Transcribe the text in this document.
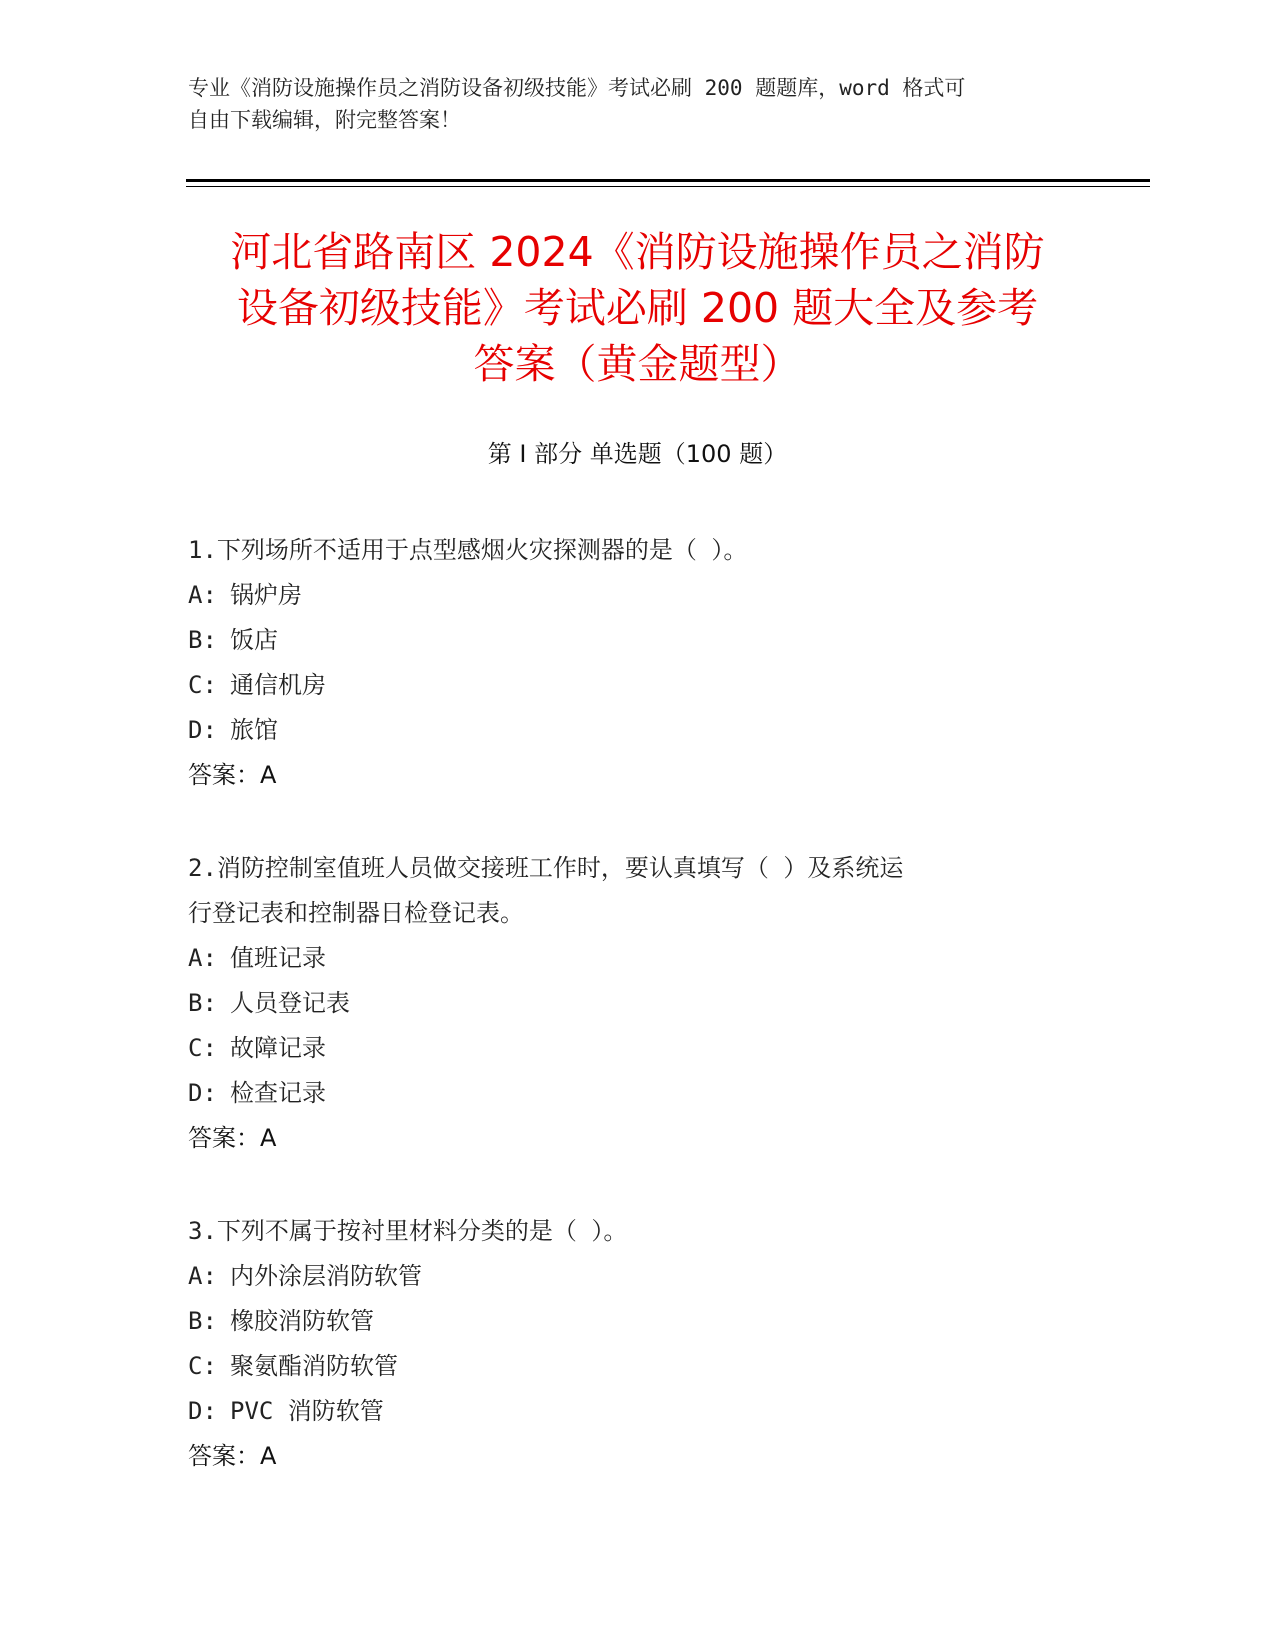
专业《消防设施操作员之消防设备初级技能》考试必刷 200 题题库，word 格式可
自由下载编辑，附完整答案！
河北省路南区 2024《消防设施操作员之消防
设备初级技能》考试必刷 200 题大全及参考
答案（黄金题型）
第 I 部分 单选题（100 题）

1.下列场所不适用于点型感烟火灾探测器的是（ ）。

A: 锅炉房
B: 饭店
C: 通信机房
D: 旅馆
答案：A

2.消防控制室值班人员做交接班工作时，要认真填写（ ）及系统运
行登记表和控制器日检登记表。

A: 值班记录
B: 人员登记表
C: 故障记录
D: 检查记录
答案：A

3.下列不属于按衬里材料分类的是（ ）。

A: 内外涂层消防软管
B: 橡胶消防软管
C: 聚氨酯消防软管
D: PVC 消防软管
答案：A
